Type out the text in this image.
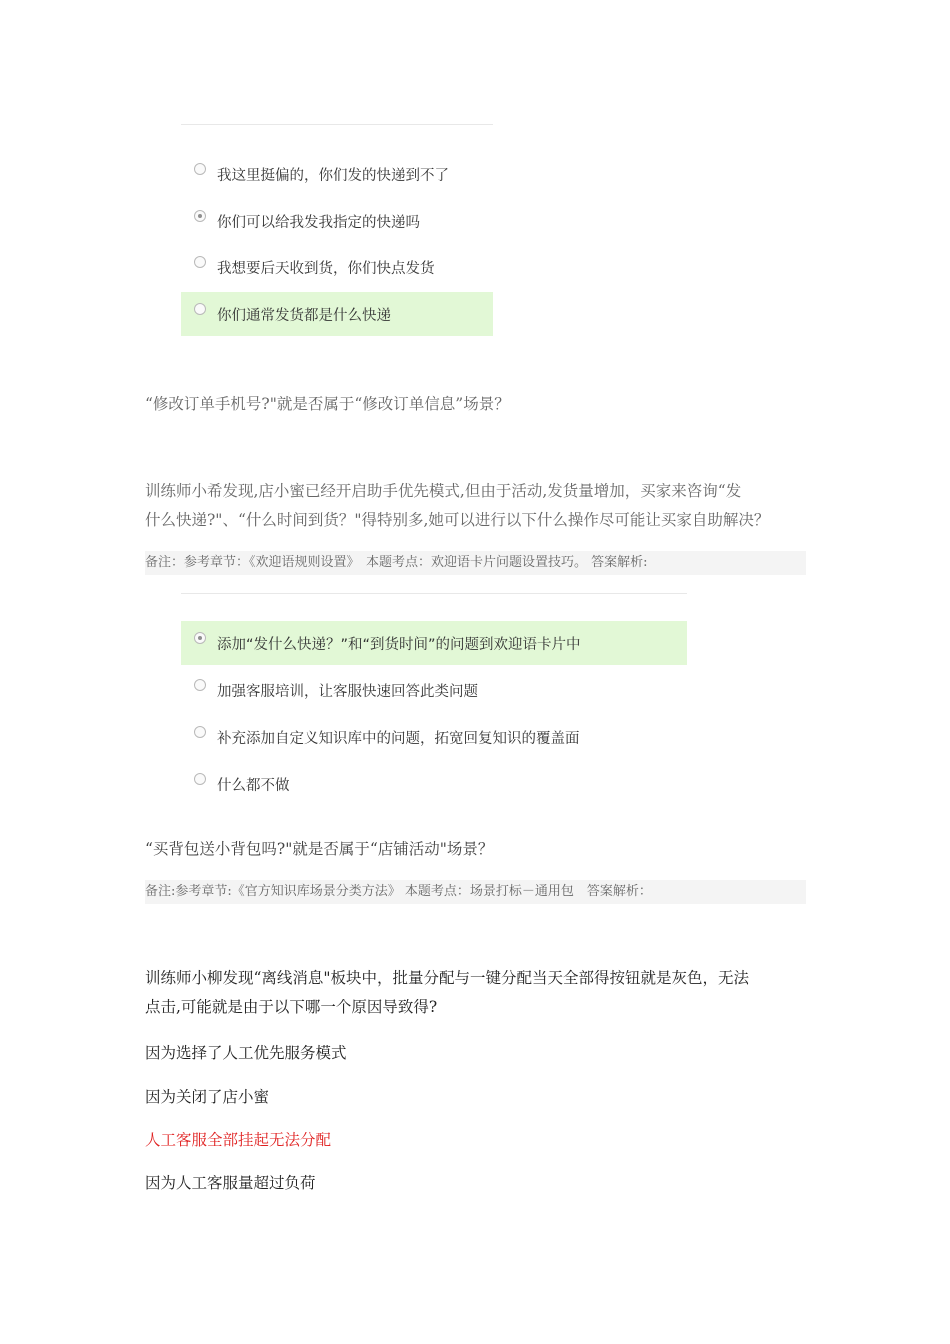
我这里挺偏的，你们发的快递到不了
你们可以给我发我指定的快递吗
我想要后天收到货，你们快点发货
你们通常发货都是什么快递
“修改订单手机号?"就是否属于“修改订单信息”场景？
训练师小希发现,店小蜜已经开启助手优先模式,但由于活动,发货量增加，买家来咨询“发
什么快递?"、“什么时间到货？"得特别多,她可以进行以下什么操作尽可能让买家自助解决？
备注：参考章节：《欢迎语规则设置》　本题考点：欢迎语卡片问题设置技巧。 答案解析:
添加“发什么快递？”和“到货时间”的问题到欢迎语卡片中
加强客服培训，让客服快速回答此类问题
补充添加自定义知识库中的问题，拓宽回复知识的覆盖面
什么都不做
“买背包送小背包吗?"就是否属于“店铺活动"场景？
备注:参考章节:《官方知识库场景分类方法》 本题考点：场景打标－通用包　答案解析：
训练师小柳发现“离线消息"板块中，批量分配与一键分配当天全部得按钮就是灰色，无法
点击,可能就是由于以下哪一个原因导致得?
因为选择了人工优先服务模式
因为关闭了店小蜜
人工客服全部挂起无法分配
因为人工客服量超过负荷
